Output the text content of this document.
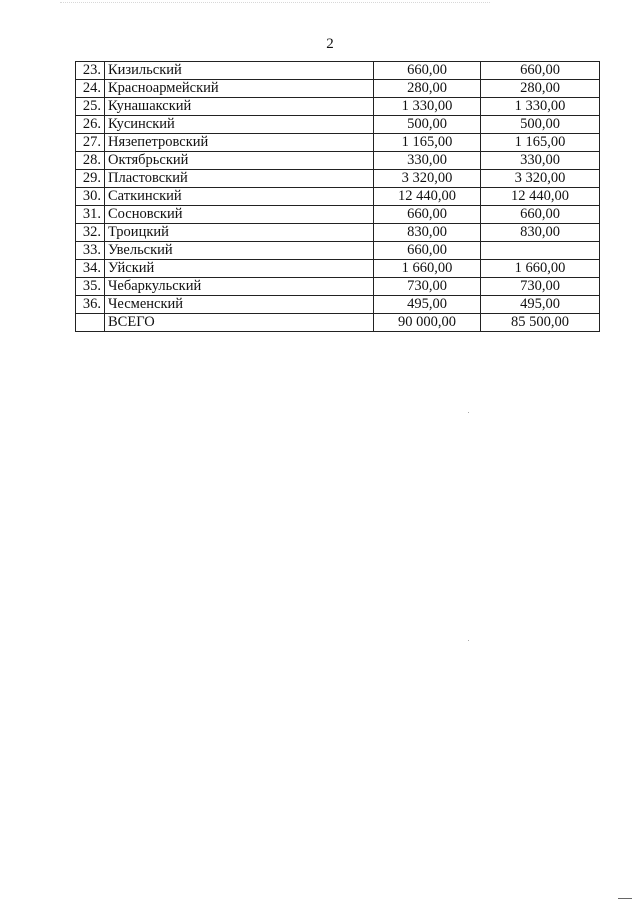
2
23.	Кизильский	660,00	660,00
24.	Красноармейский	280,00	280,00
25.	Кунашакский	1 330,00	1 330,00
26.	Кусинский	500,00	500,00
27.	Нязепетровский	1 165,00	1 165,00
28.	Октябрьский	330,00	330,00
29.	Пластовский	3 320,00	3 320,00
30.	Саткинский	12 440,00	12 440,00
31.	Сосновский	660,00	660,00
32.	Троицкий	830,00	830,00
33.	Увельский	660,00	
34.	Уйский	1 660,00	1 660,00
35.	Чебаркульский	730,00	730,00
36.	Чесменский	495,00	495,00
	ВСЕГО	90 000,00	85 500,00
